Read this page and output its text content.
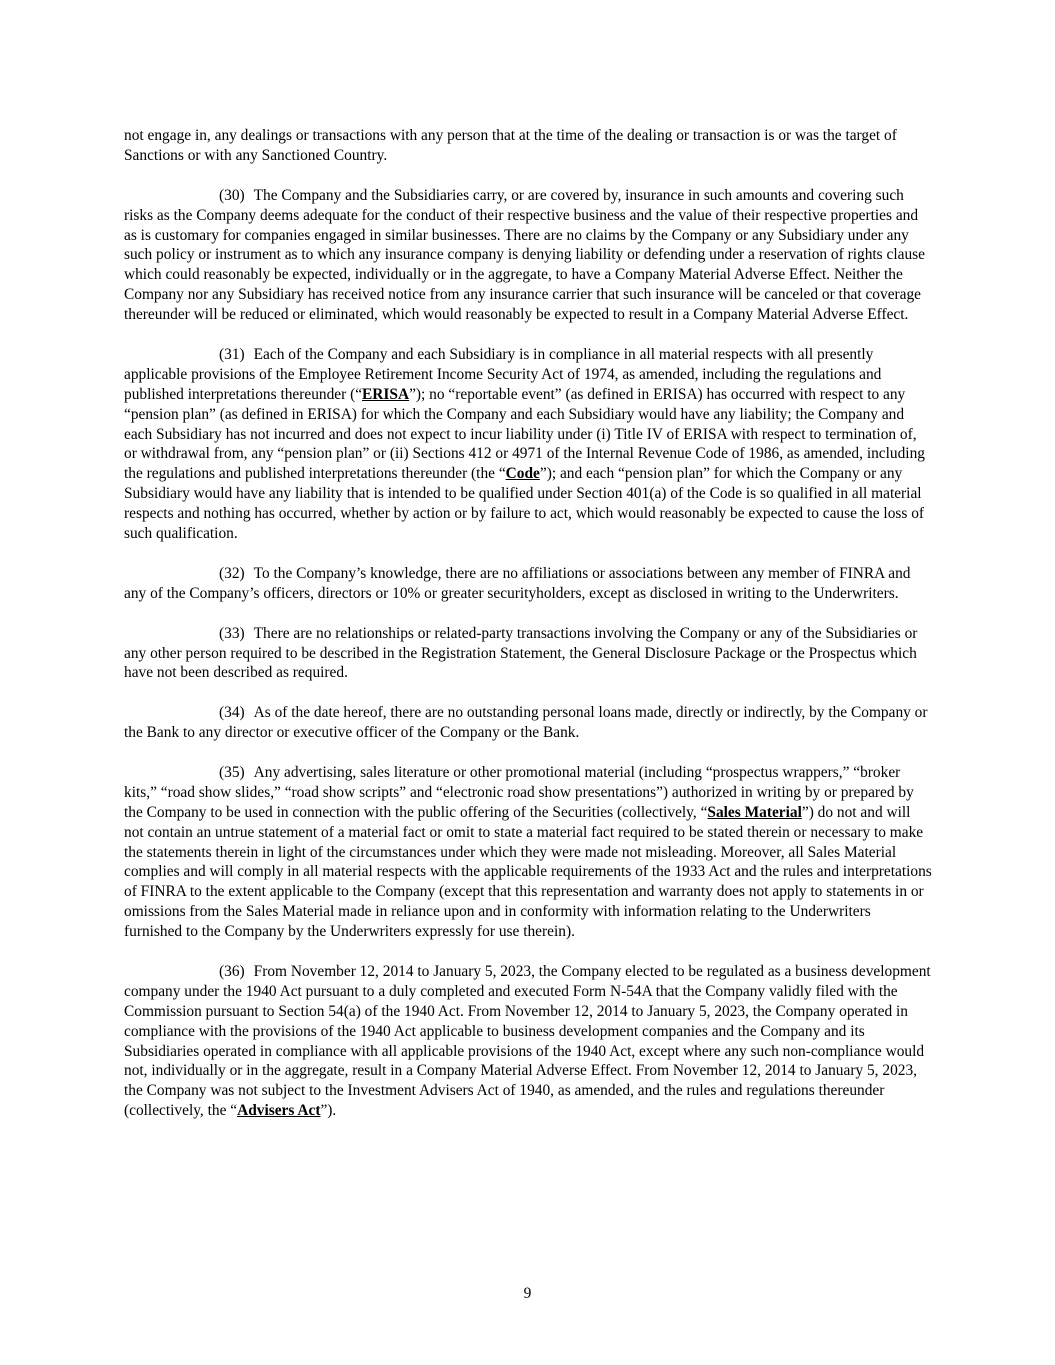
not engage in, any dealings or transactions with any person that at the time of the dealing or transaction is or was the target of Sanctions or with any Sanctioned Country.

(30) The Company and the Subsidiaries carry, or are covered by, insurance in such amounts and covering such risks as the Company deems adequate for the conduct of their respective business and the value of their respective properties and as is customary for companies engaged in similar businesses. There are no claims by the Company or any Subsidiary under any such policy or instrument as to which any insurance company is denying liability or defending under a reservation of rights clause which could reasonably be expected, individually or in the aggregate, to have a Company Material Adverse Effect. Neither the Company nor any Subsidiary has received notice from any insurance carrier that such insurance will be canceled or that coverage thereunder will be reduced or eliminated, which would reasonably be expected to result in a Company Material Adverse Effect.

(31) Each of the Company and each Subsidiary is in compliance in all material respects with all presently applicable provisions of the Employee Retirement Income Security Act of 1974, as amended, including the regulations and published interpretations thereunder (“ERISA”); no “reportable event” (as defined in ERISA) has occurred with respect to any “pension plan” (as defined in ERISA) for which the Company and each Subsidiary would have any liability; the Company and each Subsidiary has not incurred and does not expect to incur liability under (i) Title IV of ERISA with respect to termination of, or withdrawal from, any “pension plan” or (ii) Sections 412 or 4971 of the Internal Revenue Code of 1986, as amended, including the regulations and published interpretations thereunder (the “Code”); and each “pension plan” for which the Company or any Subsidiary would have any liability that is intended to be qualified under Section 401(a) of the Code is so qualified in all material respects and nothing has occurred, whether by action or by failure to act, which would reasonably be expected to cause the loss of such qualification.

(32) To the Company’s knowledge, there are no affiliations or associations between any member of FINRA and any of the Company’s officers, directors or 10% or greater securityholders, except as disclosed in writing to the Underwriters.

(33) There are no relationships or related-party transactions involving the Company or any of the Subsidiaries or any other person required to be described in the Registration Statement, the General Disclosure Package or the Prospectus which have not been described as required.

(34) As of the date hereof, there are no outstanding personal loans made, directly or indirectly, by the Company or the Bank to any director or executive officer of the Company or the Bank.

(35) Any advertising, sales literature or other promotional material (including “prospectus wrappers,” “broker kits,” “road show slides,” “road show scripts” and “electronic road show presentations”) authorized in writing by or prepared by the Company to be used in connection with the public offering of the Securities (collectively, “Sales Material”) do not and will not contain an untrue statement of a material fact or omit to state a material fact required to be stated therein or necessary to make the statements therein in light of the circumstances under which they were made not misleading. Moreover, all Sales Material complies and will comply in all material respects with the applicable requirements of the 1933 Act and the rules and interpretations of FINRA to the extent applicable to the Company (except that this representation and warranty does not apply to statements in or omissions from the Sales Material made in reliance upon and in conformity with information relating to the Underwriters furnished to the Company by the Underwriters expressly for use therein).

(36) From November 12, 2014 to January 5, 2023, the Company elected to be regulated as a business development company under the 1940 Act pursuant to a duly completed and executed Form N-54A that the Company validly filed with the Commission pursuant to Section 54(a) of the 1940 Act. From November 12, 2014 to January 5, 2023, the Company operated in compliance with the provisions of the 1940 Act applicable to business development companies and the Company and its Subsidiaries operated in compliance with all applicable provisions of the 1940 Act, except where any such non-compliance would not, individually or in the aggregate, result in a Company Material Adverse Effect. From November 12, 2014 to January 5, 2023, the Company was not subject to the Investment Advisers Act of 1940, as amended, and the rules and regulations thereunder (collectively, the “Advisers Act”).

9
